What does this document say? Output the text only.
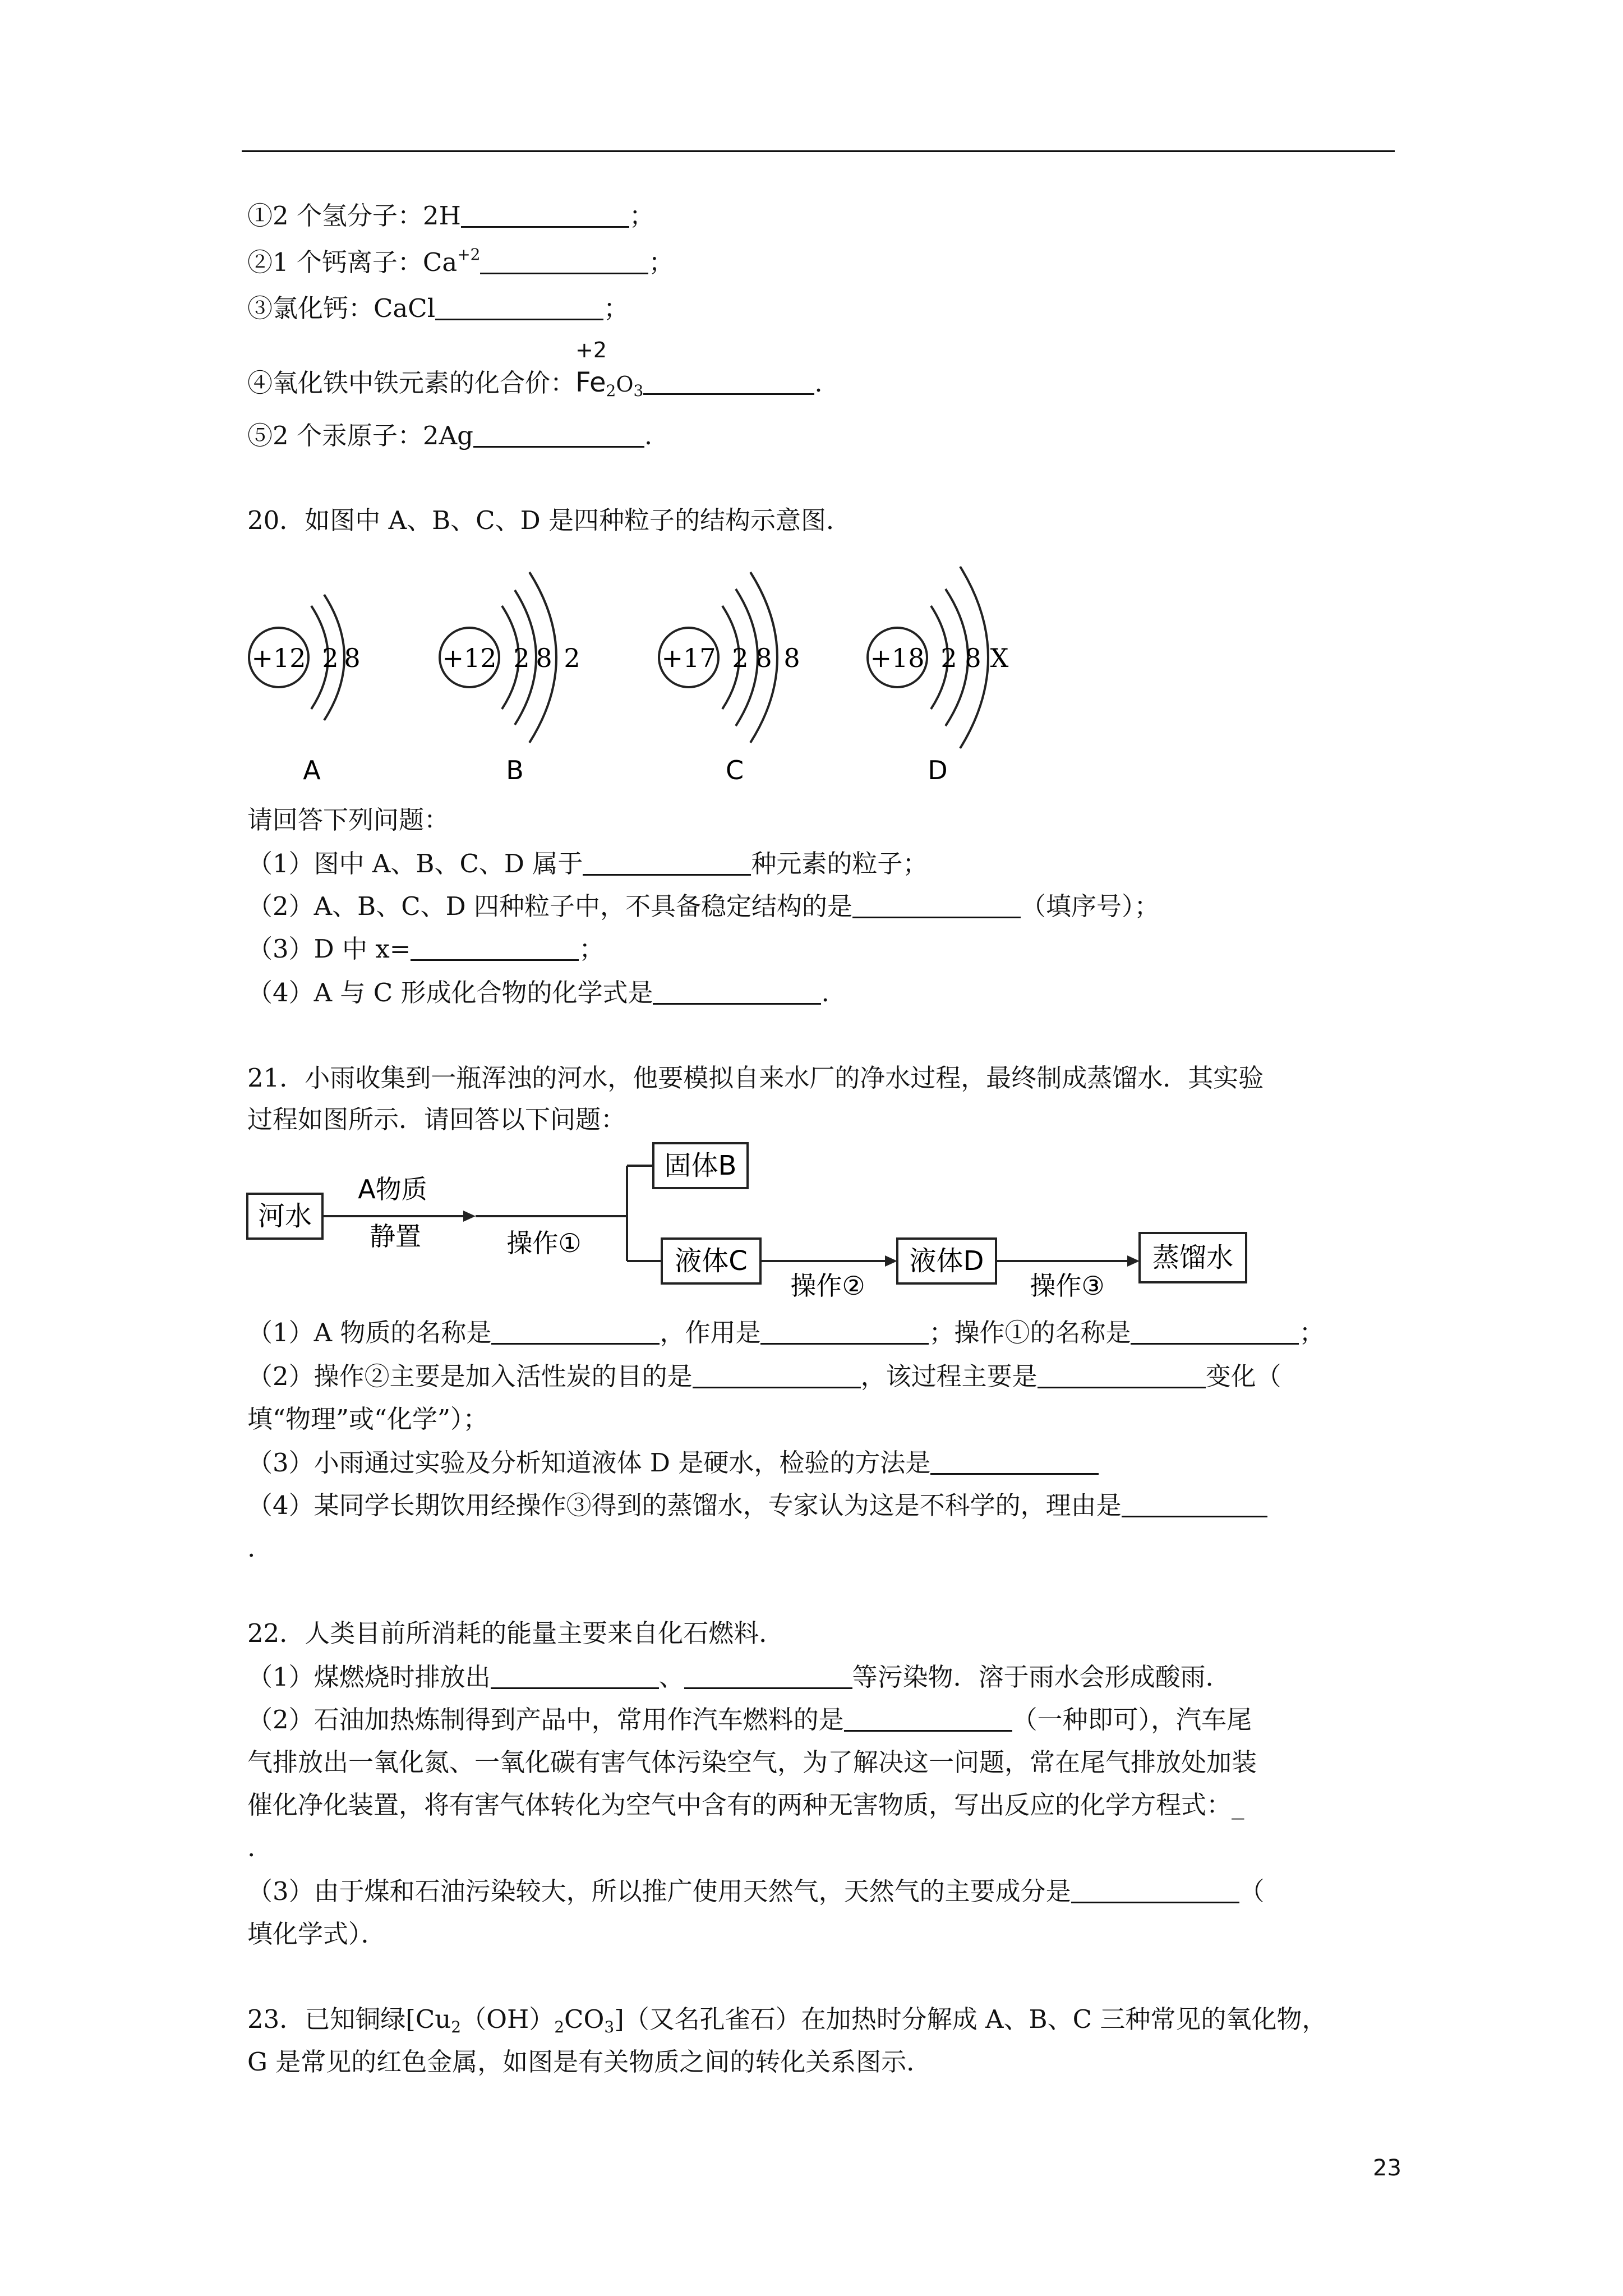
①2 个氢分子：2H	；
②1 个钙离子：$Ca^{+2}$	；
③氯化钙：CaCl	；
④氧化铁中铁元素的化合价：
+2
$Fe_2O_3$	.
⑤2 个汞原子：2Ag	.
20．如图中 A、B、C、D 是四种粒子的结构示意图．
+12 2 8
A
+12 2 8 2
B
+17 2 8 8
C
+18 2 8 X
D
河水
A物质
静置	操作①
固体B
液体C
操作②
液体D
操作③
蒸馏水
请回答下列问题：
（1）图中 A、B、C、D 属于	种元素的粒子；
（2）A、B、C、D 四种粒子中，不具备稳定结构的是	（填序号）；
（3）D 中 x=	；
（4）A 与 C 形成化合物的化学式是	.
21．小雨收集到一瓶浑浊的河水，他要模拟自来水厂的净水过程，最终制成蒸馏水．其实验
过程如图所示．请回答以下问题：
（1）A 物质的名称是	，作用是	；操作①的名称是	；
（2）操作②主要是加入活性炭的目的是	，该过程主要是	变化（
填“物理”或“化学”）；
（3）小雨通过实验及分析知道液体 D 是硬水，检验的方法是
（4）某同学长期饮用经操作③得到的蒸馏水，专家认为这是不科学的，理由是
.
22．人类目前所消耗的能量主要来自化石燃料．
（1）煤燃烧时排放出	、	等污染物．溶于雨水会形成酸雨．
（2）石油加热炼制得到产品中，常用作汽车燃料的是	（一种即可），汽车尾
气排放出一氧化氮、一氧化碳有害气体污染空气，为了解决这一问题，常在尾气排放处加装
催化净化装置，将有害气体转化为空气中含有的两种无害物质，写出反应的化学方程式：_
.
（3）由于煤和石油污染较大，所以推广使用天然气，天然气的主要成分是	（
填化学式）．
23．已知铜绿$[Cu_2(OH)_2CO_3]$（又名孔雀石）在加热时分解成 A、B、C 三种常见的氧化物，
G 是常见的红色金属，如图是有关物质之间的转化关系图示．
23
